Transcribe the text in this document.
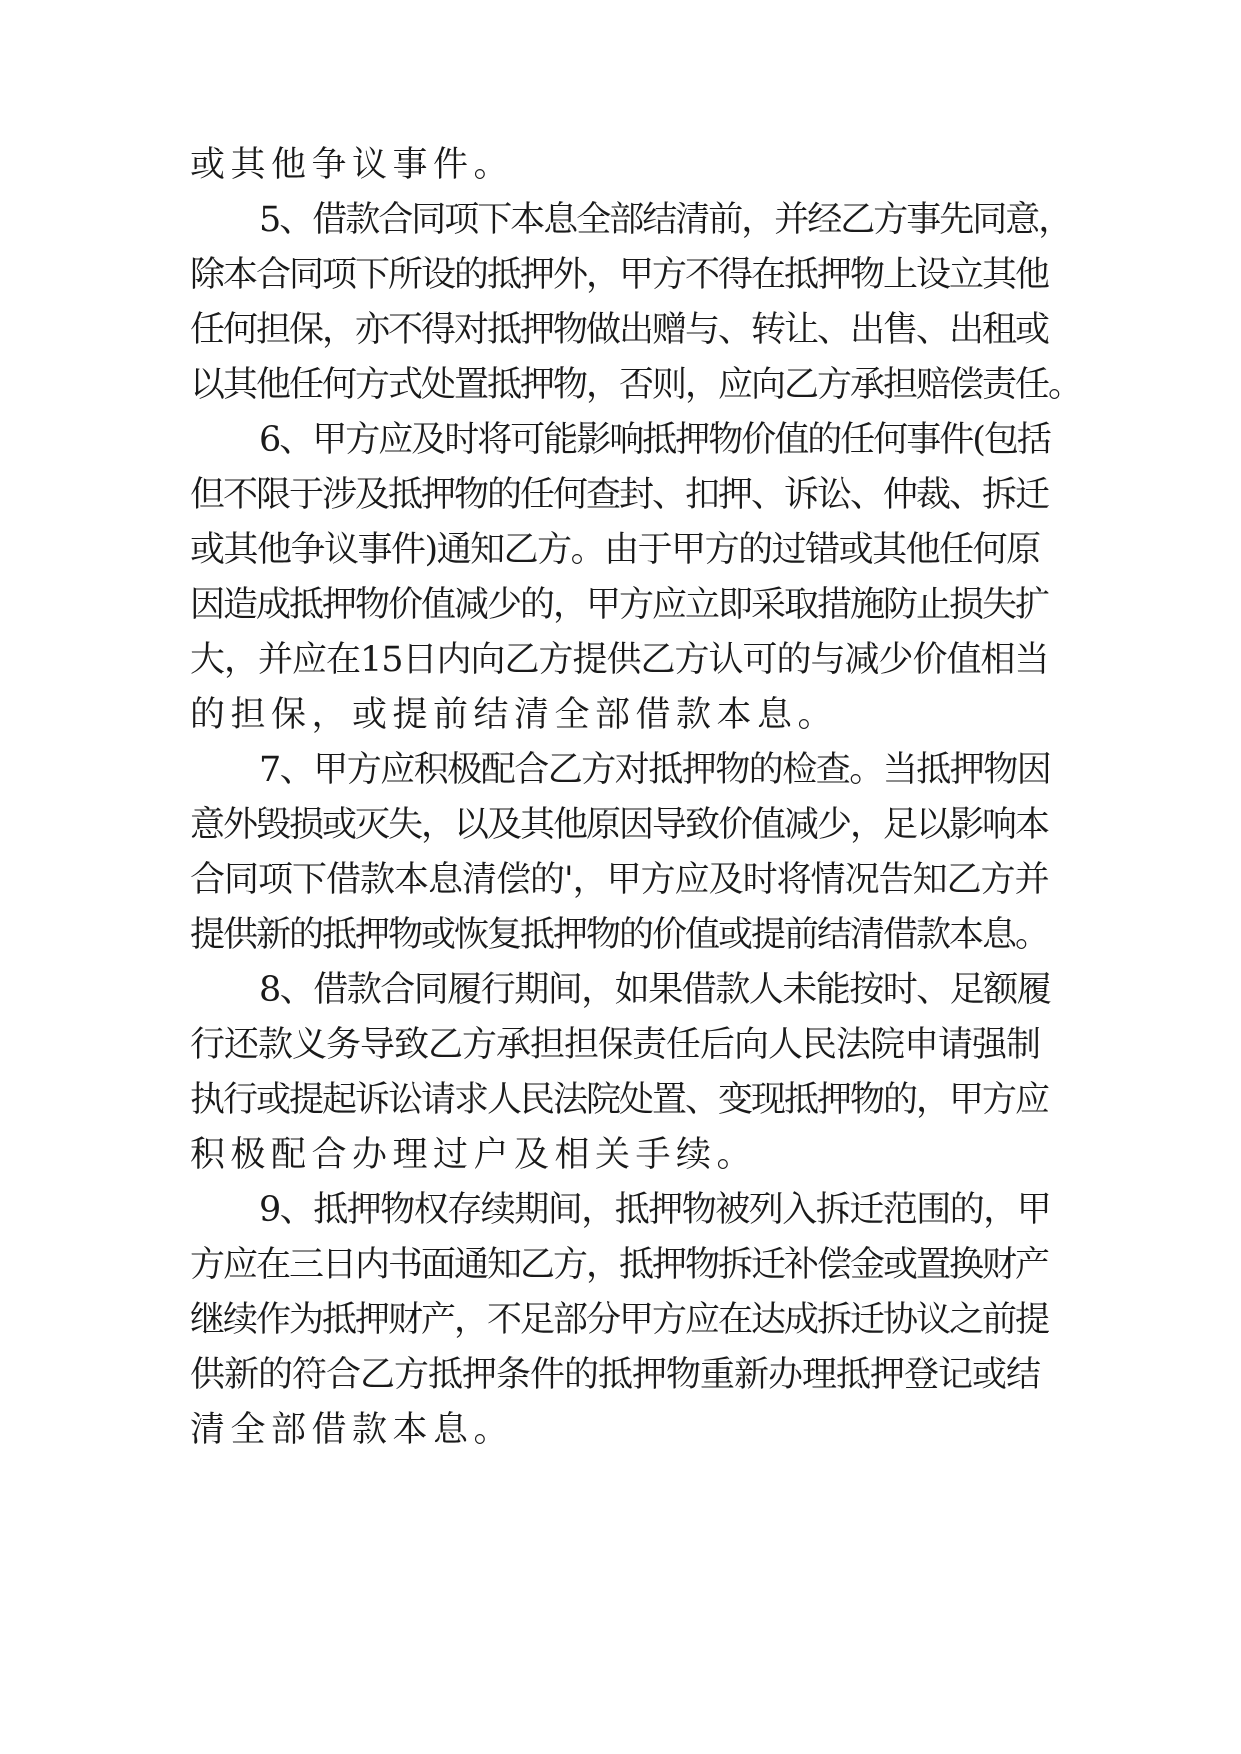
或其他争议事件。
5、借款合同项下本息全部结清前，并经乙方事先同意，
除本合同项下所设的抵押外，甲方不得在抵押物上设立其他
任何担保，亦不得对抵押物做出赠与、转让、出售、出租或
以其他任何方式处置抵押物，否则，应向乙方承担赔偿责任。
6、甲方应及时将可能影响抵押物价值的任何事件(包括
但不限于涉及抵押物的任何查封、扣押、诉讼、仲裁、拆迁
或其他争议事件)通知乙方。由于甲方的过错或其他任何原
因造成抵押物价值减少的，甲方应立即采取措施防止损失扩
大，并应在15日内向乙方提供乙方认可的与减少价值相当
的担保，或提前结清全部借款本息。
7、甲方应积极配合乙方对抵押物的检查。当抵押物因
意外毁损或灭失，以及其他原因导致价值减少，足以影响本
合同项下借款本息清偿的'，甲方应及时将情况告知乙方并
提供新的抵押物或恢复抵押物的价值或提前结清借款本息。
8、借款合同履行期间，如果借款人未能按时、足额履
行还款义务导致乙方承担担保责任后向人民法院申请强制
执行或提起诉讼请求人民法院处置、变现抵押物的，甲方应
积极配合办理过户及相关手续。
9、抵押物权存续期间，抵押物被列入拆迁范围的，甲
方应在三日内书面通知乙方，抵押物拆迁补偿金或置换财产
继续作为抵押财产，不足部分甲方应在达成拆迁协议之前提
供新的符合乙方抵押条件的抵押物重新办理抵押登记或结
清全部借款本息。
